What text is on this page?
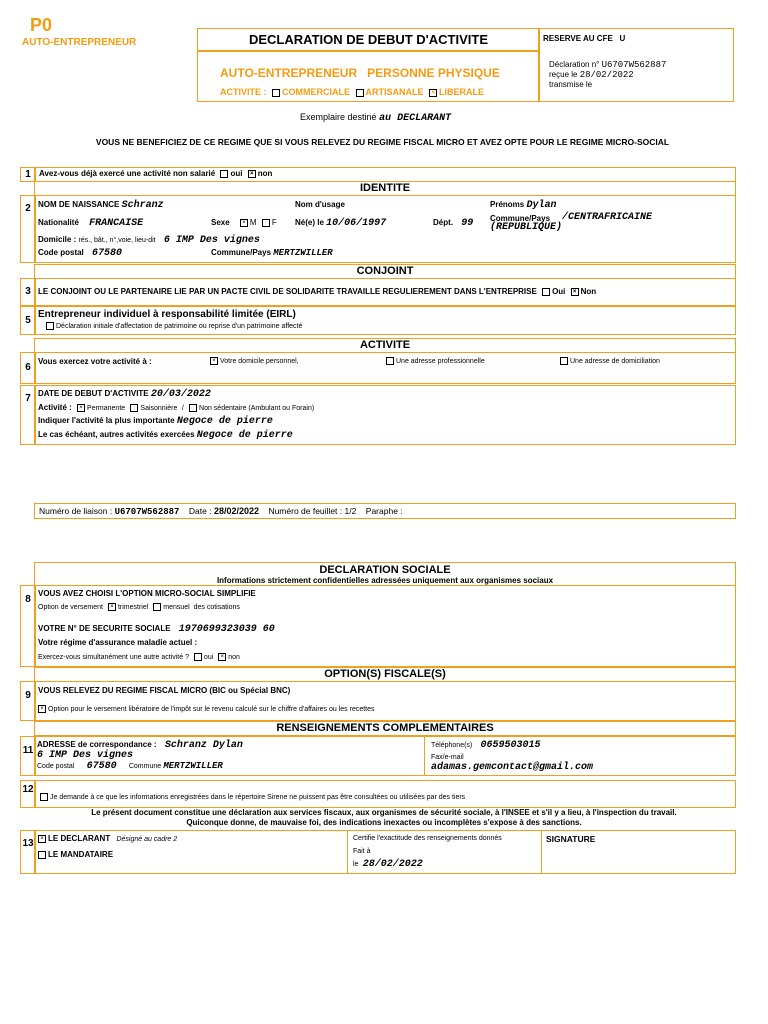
P0
AUTO-ENTREPRENEUR	DECLARATION DE DEBUT D'ACTIVITE	RESERVE AU CFE U
Déclaration n° U6707W562887
reçue le 28/02/2022
transmise le
AUTO-ENTREPRENEUR PERSONNE PHYSIQUE
ACTIVITE : COMMERCIALE ARTISANALE × LIBERALE
Exemplaire destiné au DECLARANT
VOUS NE BENEFICIEZ DE CE REGIME QUE SI VOUS RELEVEZ DU REGIME FISCAL MICRO ET AVEZ OPTE POUR LE REGIME MICRO-SOCIAL
1	Avez-vous déjà exercé une activité non salarié oui × non
IDENTITE
2 NOM DE NAISSANCE Schranz	Nom d'usage	Prénoms Dylan
Nationalité FRANCAISE	Sexe × M F Né(e) le 10/06/1997	Dépt. 99 Commune/Pays	/CENTRAFRICAINE (REPUBLIQUE)
Domicile : rés., bât., n°,voie, lieu-dit 6 IMP Des vignes
Code postal 67580	Commune/Pays MERTZWILLER
CONJOINT
3 LE CONJOINT OU LE PARTENAIRE LIE PAR UN PACTE CIVIL DE SOLIDARITE TRAVAILLE REGULIEREMENT DANS L'ENTREPRISE Oui × Non
5
Entrepreneur individuel à responsabilité limitée (EIRL)
Déclaration initiale d'affectation de patrimoine ou reprise d'un patrimoine affecté
ACTIVITE
6
Vous exercez votre activité à :	× Votre domicile personnel,	Une adresse professionnelle	Une adresse de domiciliation
7 DATE DE DEBUT D'ACTIVITE 20/03/2022
Activité : × Permanente Saisonnière / Non sédentaire (Ambulant ou Forain)
Indiquer l'activité la plus importante Negoce de pierre
Le cas échéant, autres activités exercées Negoce de pierre
Numéro de liaison : U6707W562887 Date : 28/02/2022 Numéro de feuillet : 1/2 Paraphe :
DECLARATION SOCIALE
Informations strictement confidentielles adressées uniquement aux organismes sociaux
8
VOUS AVEZ CHOISI L'OPTION MICRO-SOCIAL SIMPLIFIE
Option de versement × trimestriel mensuel des cotisations
VOTRE N° DE SECURITE SOCIALE 1970699323039 60
Votre régime d'assurance maladie actuel :
Exercez-vous simultanément une autre activité ? oui × non
OPTION(S) FISCALE(S)
9 VOUS RELEVEZ DU REGIME FISCAL MICRO (BIC ou Spécial BNC)
× Option pour le versement libératoire de l'impôt sur le revenu calculé sur le chiffre d'affaires ou les recettes
RENSEIGNEMENTS COMPLEMENTAIRES
11
ADRESSE de correspondance : Schranz Dylan
6 IMP Des vignes
Code postal 67580 Commune MERTZWILLER
Téléphone(s) 0659503015
Fax/e-mail
adamas.gemcontact@gmail.com
12
Je demande à ce que les informations enregistrées dans le répertoire Sirene ne puissent pas être consultées ou utilisées par des tiers
Le présent document constitue une déclaration aux services fiscaux, aux organismes de sécurité sociale, à l'INSEE et s'il y a lieu, à l'inspection du travail.
Quiconque donne, de mauvaise foi, des indications inexactes ou incomplètes s'expose à des sanctions.
13	× LE DECLARANT Désigné au cadre 2
LE MANDATAIRE
Certifie l'exactitude des renseignements donnés
Fait à
le 28/02/2022
SIGNATURE
